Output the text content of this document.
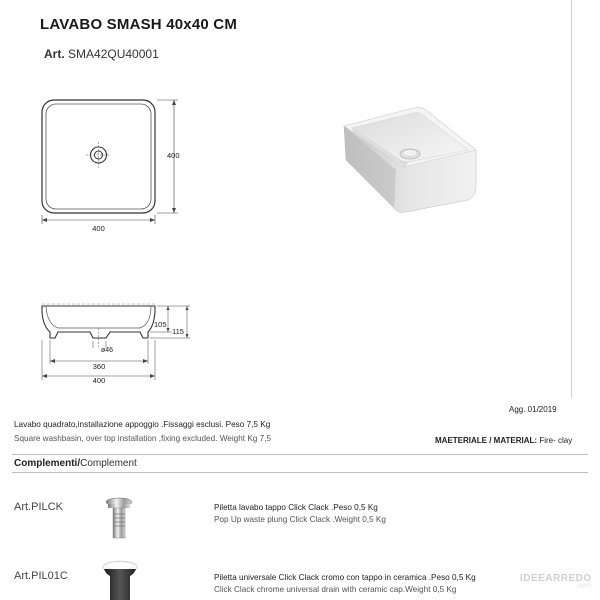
LAVABO SMASH 40x40 CM
Art. SMA42QU40001
400
400
105
115
ø46
360
400
Agg. 01/2019
Lavabo quadrato,installazione appoggio .Fissaggi esclusi. Peso 7,5 Kg
Square washbasin, over top installation ,fixing excluded. Weight Kg 7,5	MAETERIALE / MATERIAL: Fire- clay
Complementi/Complement
Art.PILCK	Piletta lavabo tappo Click Clack .Peso 0,5 Kg
Pop Up waste plung Click Clack .Weight 0,5 Kg
Art.PIL01C	Piletta universale Click Clack cromo con tappo in ceramica .Peso 0,5 Kg
Click Clack chrome universal drain with ceramic cap.Weight 0,5 Kg
IDEEARREDO
.com
